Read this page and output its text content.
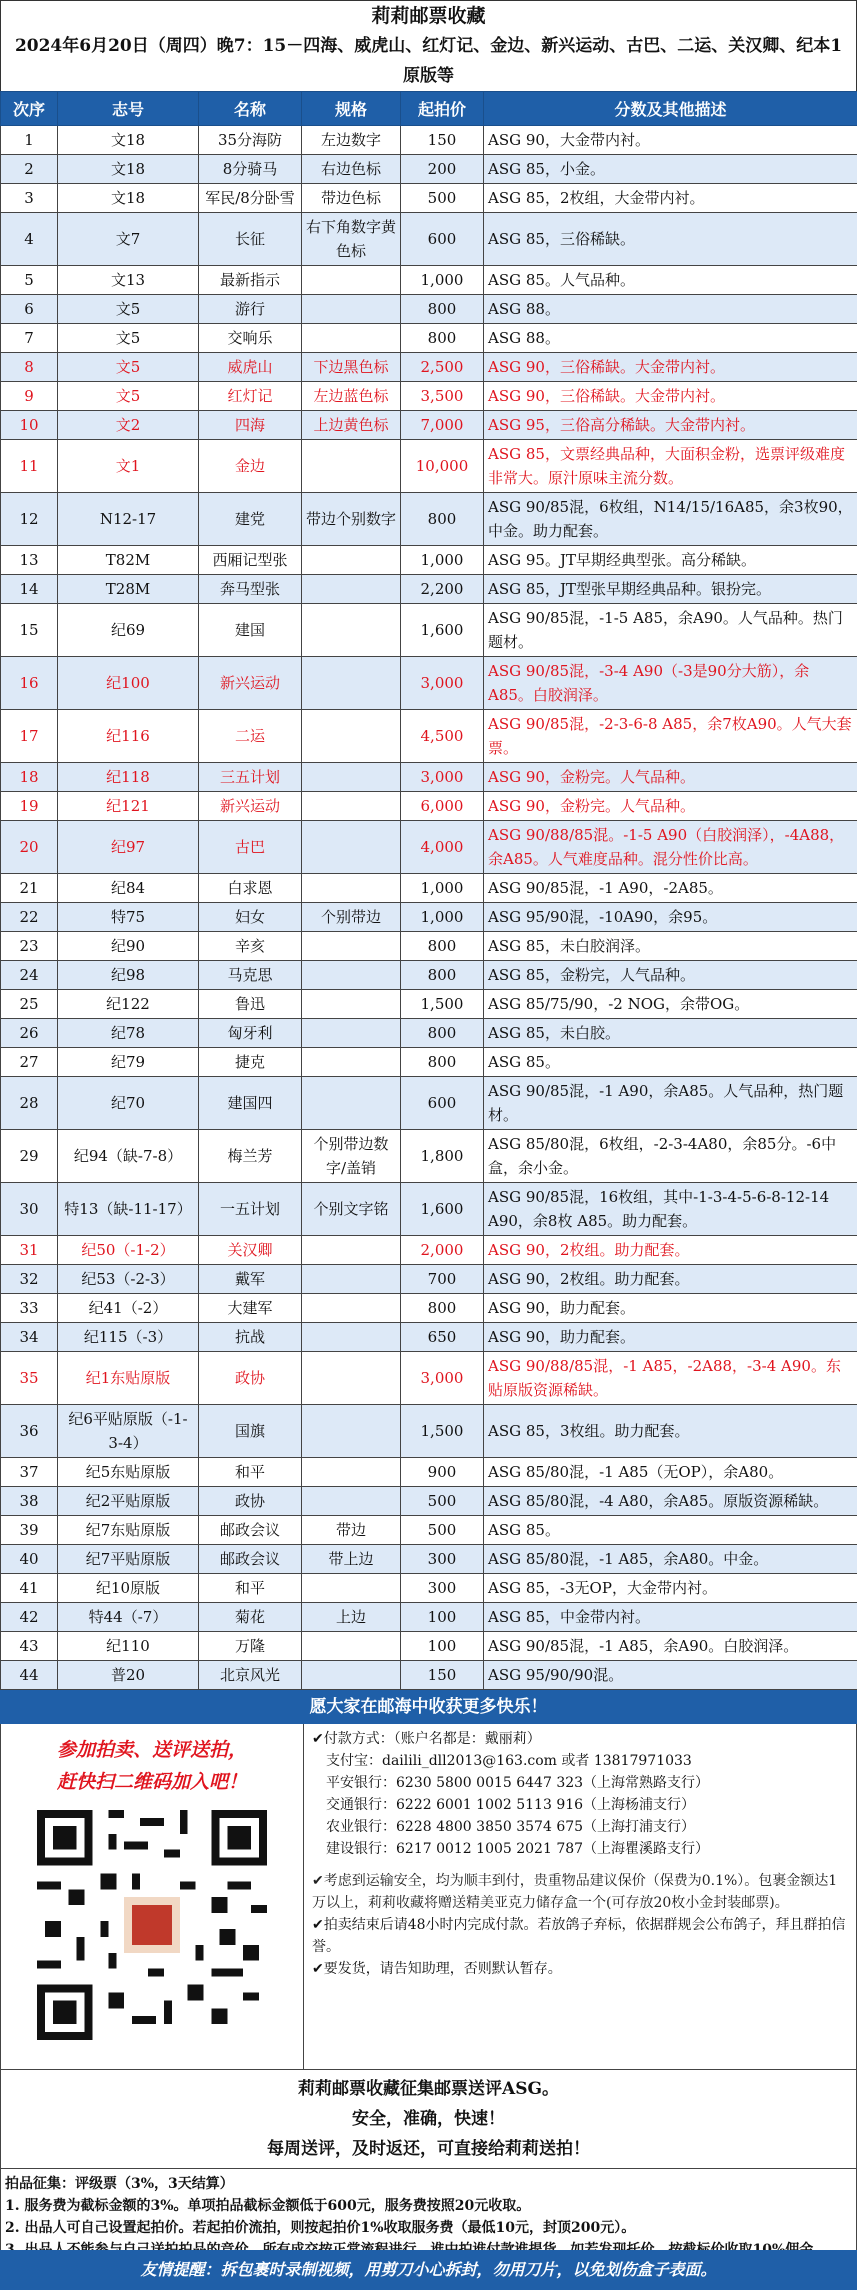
莉莉邮票收藏
2024年6月20日（周四）晚7：15－四海、威虎山、红灯记、金边、新兴运动、古巴、二运、关汉卿、纪本1原版等
次序	志号	名称	规格	起拍价	分数及其他描述
1	文18	35分海防	左边数字	150	ASG 90，大金带内衬。
2	文18	8分骑马	右边色标	200	ASG 85，小金。
3	文18	军民/8分卧雪	带边色标	500	ASG 85，2枚组，大金带内衬。
4	文7	长征	右下角数字黄色标	600	ASG 85，三俗稀缺。
5	文13	最新指示		1,000	ASG 85。人气品种。
6	文5	游行		800	ASG 88。
7	文5	交响乐		800	ASG 88。
8	文5	威虎山	下边黑色标	2,500	ASG 90，三俗稀缺。大金带内衬。
9	文5	红灯记	左边蓝色标	3,500	ASG 90，三俗稀缺。大金带内衬。
10	文2	四海	上边黄色标	7,000	ASG 95，三俗高分稀缺。大金带内衬。
11	文1	金边		10,000	ASG 85，文票经典品种，大面积金粉，选票评级难度非常大。原汁原味主流分数。
12	N12-17	建党	带边个别数字	800	ASG 90/85混，6枚组，N14/15/16A85，余3枚90，中金。助力配套。
13	T82M	西厢记型张		1,000	ASG 95。JT早期经典型张。高分稀缺。
14	T28M	奔马型张		2,200	ASG 85，JT型张早期经典品种。银扮完。
15	纪69	建国		1,600	ASG 90/85混，-1-5 A85，余A90。人气品种。热门题材。
16	纪100	新兴运动		3,000	ASG 90/85混，-3-4 A90（-3是90分大筋），余A85。白胶润泽。
17	纪116	二运		4,500	ASG 90/85混，-2-3-6-8 A85，余7枚A90。人气大套票。
18	纪118	三五计划		3,000	ASG 90，金粉完。人气品种。
19	纪121	新兴运动		6,000	ASG 90，金粉完。人气品种。
20	纪97	古巴		4,000	ASG 90/88/85混。-1-5 A90（白胶润泽），-4A88，余A85。人气难度品种。混分性价比高。
21	纪84	白求恩		1,000	ASG 90/85混，-1 A90，-2A85。
22	特75	妇女	个别带边	1,000	ASG 95/90混，-10A90，余95。
23	纪90	辛亥		800	ASG 85，未白胶润泽。
24	纪98	马克思		800	ASG 85，金粉完，人气品种。
25	纪122	鲁迅		1,500	ASG 85/75/90，-2 NOG，余带OG。
26	纪78	匈牙利		800	ASG 85，未白胶。
27	纪79	捷克		800	ASG 85。
28	纪70	建国四		600	ASG 90/85混，-1 A90，余A85。人气品种，热门题材。
29	纪94（缺-7-8）	梅兰芳	个别带边数字/盖销	1,800	ASG 85/80混，6枚组，-2-3-4A80，余85分。-6中盒，余小金。
30	特13（缺-11-17）	一五计划	个别文字铭	1,600	ASG 90/85混，16枚组，其中-1-3-4-5-6-8-12-14 A90，余8枚 A85。助力配套。
31	纪50（-1-2）	关汉卿		2,000	ASG 90，2枚组。助力配套。
32	纪53（-2-3）	戴军		700	ASG 90，2枚组。助力配套。
33	纪41（-2）	大建军		800	ASG 90，助力配套。
34	纪115（-3）	抗战		650	ASG 90，助力配套。
35	纪1东贴原版	政协		3,000	ASG 90/88/85混，-1 A85，-2A88，-3-4 A90。东贴原版资源稀缺。
36	纪6平贴原版（-1-3-4）	国旗		1,500	ASG 85，3枚组。助力配套。
37	纪5东贴原版	和平		900	ASG 85/80混，-1 A85（无OP），余A80。
38	纪2平贴原版	政协		500	ASG 85/80混，-4 A80，余A85。原版资源稀缺。
39	纪7东贴原版	邮政会议	带边	500	ASG 85。
40	纪7平贴原版	邮政会议	带上边	300	ASG 85/80混，-1 A85，余A80。中金。
41	纪10原版	和平		300	ASG 85，-3无OP，大金带内衬。
42	特44（-7）	菊花	上边	100	ASG 85，中金带内衬。
43	纪110	万隆		100	ASG 90/85混，-1 A85，余A90。白胶润泽。
44	普20	北京风光		150	ASG 95/90/90混。
愿大家在邮海中收获更多快乐！
参加拍卖、送评送拍，
赶快扫二维码加入吧！
✔付款方式：（账户名都是：戴丽莉）
支付宝：dailili_dll2013@163.com 或者 13817971033
平安银行：6230 5800 0015 6447 323（上海常熟路支行）
交通银行：6222 6001 1002 5113 916（上海杨浦支行）
农业银行：6228 4800 3850 3574 675（上海打浦支行）
建设银行：6217 0012 1005 2021 787（上海瞿溪路支行）
✔考虑到运输安全，均为顺丰到付，贵重物品建议保价（保费为0.1%）。包裹金额达1万以上，莉莉收藏将赠送精美亚克力储存盒一个(可存放20枚小金封装邮票)。
✔拍卖结束后请48小时内完成付款。若放鸽子弃标，依据群规会公布鸽子，拜且群拍信誉。
✔要发货，请告知助理，否则默认暂存。
莉莉邮票收藏征集邮票送评ASG。
安全，准确，快速！
每周送评，及时返还，可直接给莉莉送拍！
拍品征集：评级票（3%，3天结算）
1. 服务费为截标金额的3%。单项拍品截标金额低于600元，服务费按照20元收取。
2. 出品人可自己设置起拍价。若起拍价流拍，则按起拍价1%收取服务费（最低10元，封顶200元）。
友情提醒：拆包裹时录制视频，用剪刀小心拆封，勿用刀片，以免划伤盒子表面。
